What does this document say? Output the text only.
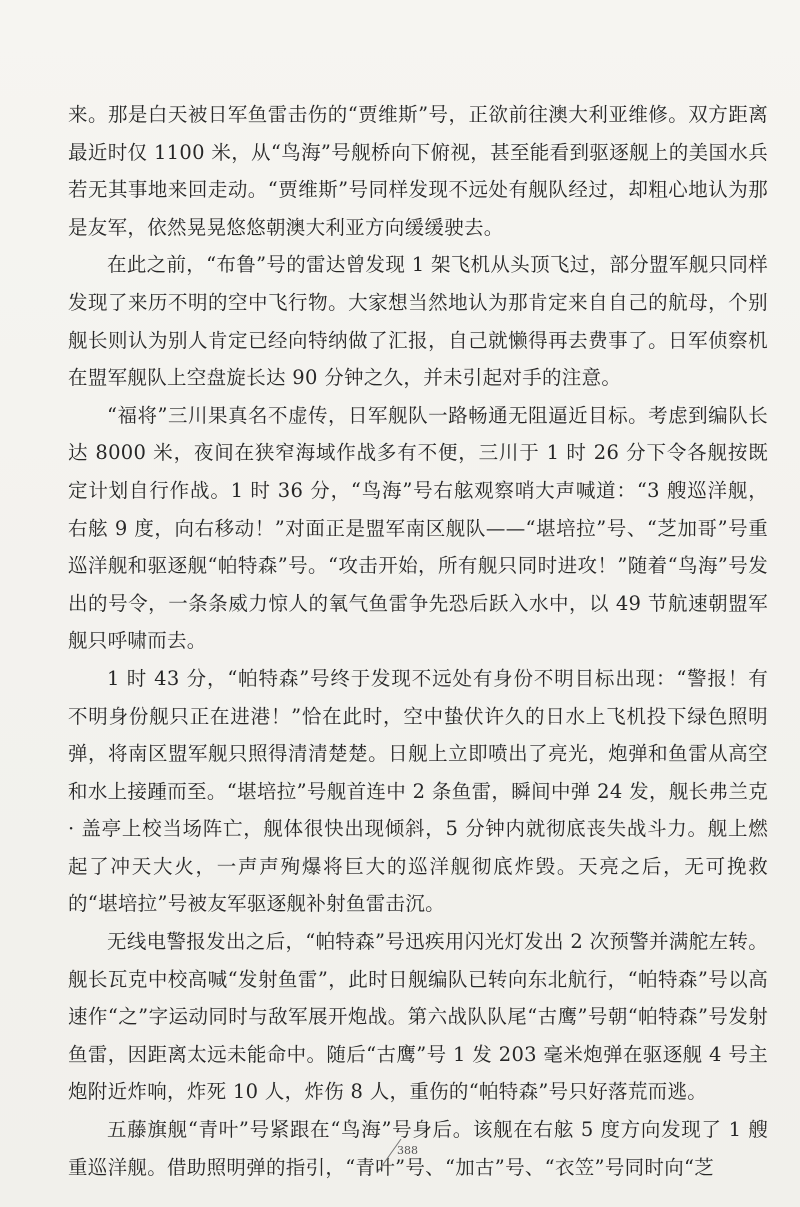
来。那是白天被日军鱼雷击伤的“贾维斯”号，正欲前往澳大利亚维修。双方距离最近时仅 1100 米，从“鸟海”号舰桥向下俯视，甚至能看到驱逐舰上的美国水兵若无其事地来回走动。“贾维斯”号同样发现不远处有舰队经过，却粗心地认为那是友军，依然晃晃悠悠朝澳大利亚方向缓缓驶去。

在此之前，“布鲁”号的雷达曾发现 1 架飞机从头顶飞过，部分盟军舰只同样发现了来历不明的空中飞行物。大家想当然地认为那肯定来自自己的航母，个别舰长则认为别人肯定已经向特纳做了汇报，自己就懒得再去费事了。日军侦察机在盟军舰队上空盘旋长达 90 分钟之久，并未引起对手的注意。

“福将”三川果真名不虚传，日军舰队一路畅通无阻逼近目标。考虑到编队长达 8000 米，夜间在狭窄海域作战多有不便，三川于 1 时 26 分下令各舰按既定计划自行作战。1 时 36 分，“鸟海”号右舷观察哨大声喊道：“3 艘巡洋舰，右舷 9 度，向右移动！”对面正是盟军南区舰队——“堪培拉”号、“芝加哥”号重巡洋舰和驱逐舰“帕特森”号。“攻击开始，所有舰只同时进攻！”随着“鸟海”号发出的号令，一条条威力惊人的氧气鱼雷争先恐后跃入水中，以 49 节航速朝盟军舰只呼啸而去。

1 时 43 分，“帕特森”号终于发现不远处有身份不明目标出现：“警报！有不明身份舰只正在进港！”恰在此时，空中蛰伏许久的日水上飞机投下绿色照明弹，将南区盟军舰只照得清清楚楚。日舰上立即喷出了亮光，炮弹和鱼雷从高空和水上接踵而至。“堪培拉”号舰首连中 2 条鱼雷，瞬间中弹 24 发，舰长弗兰克 · 盖亭上校当场阵亡，舰体很快出现倾斜，5 分钟内就彻底丧失战斗力。舰上燃起了冲天大火，一声声殉爆将巨大的巡洋舰彻底炸毁。天亮之后，无可挽救的“堪培拉”号被友军驱逐舰补射鱼雷击沉。

无线电警报发出之后，“帕特森”号迅疾用闪光灯发出 2 次预警并满舵左转。舰长瓦克中校高喊“发射鱼雷”，此时日舰编队已转向东北航行，“帕特森”号以高速作“之”字运动同时与敌军展开炮战。第六战队队尾“古鹰”号朝“帕特森”号发射鱼雷，因距离太远未能命中。随后“古鹰”号 1 发 203 毫米炮弹在驱逐舰 4 号主炮附近炸响，炸死 10 人，炸伤 8 人，重伤的“帕特森”号只好落荒而逃。

五藤旗舰“青叶”号紧跟在“鸟海”号身后。该舰在右舷 5 度方向发现了 1 艘重巡洋舰。借助照明弹的指引，“青叶”号、“加古”号、“衣笠”号同时向“芝

388
